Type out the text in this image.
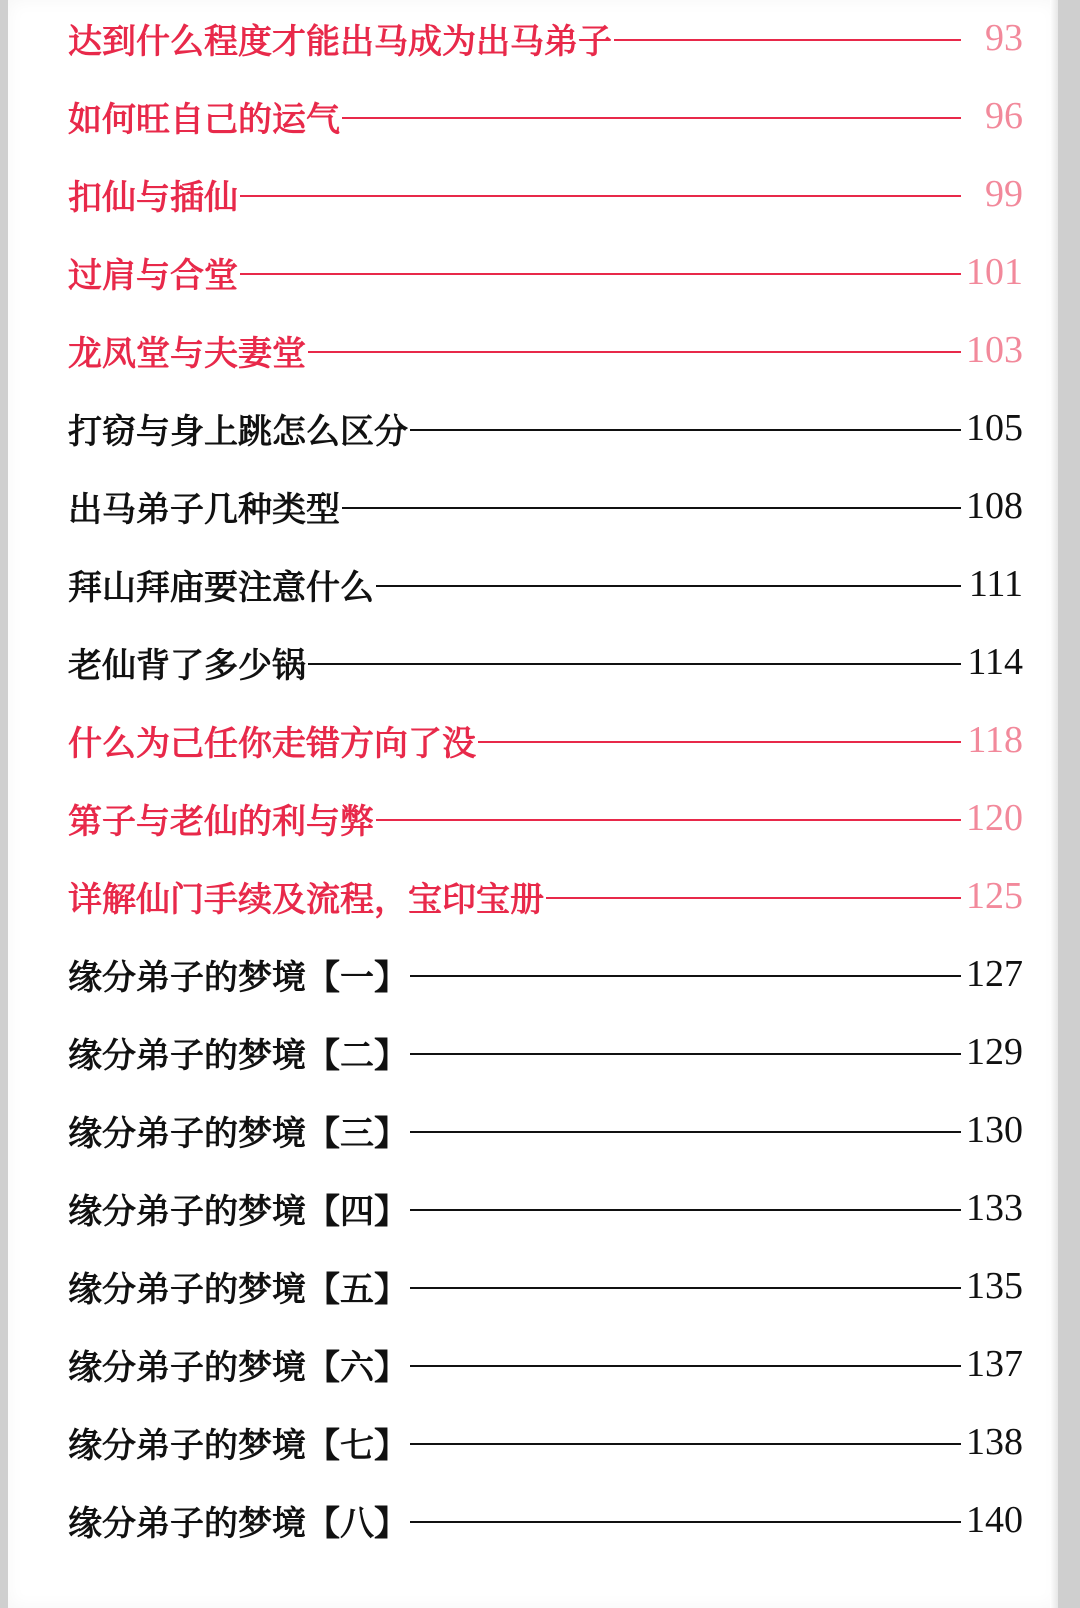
达到什么程度才能出马成为出马弟子	93
如何旺自己的运气	96
扣仙与插仙	99
过肩与合堂	101
龙凤堂与夫妻堂	103
打窃与身上跳怎么区分	105
出马弟子几种类型	108
拜山拜庙要注意什么	111
老仙背了多少锅	114
什么为己任你走错方向了没	118
第子与老仙的利与弊	120
详解仙门手续及流程，宝印宝册	125
缘分弟子的梦境【一】	127
缘分弟子的梦境【二】	129
缘分弟子的梦境【三】	130
缘分弟子的梦境【四】	133
缘分弟子的梦境【五】	135
缘分弟子的梦境【六】	137
缘分弟子的梦境【七】	138
缘分弟子的梦境【八】	140
